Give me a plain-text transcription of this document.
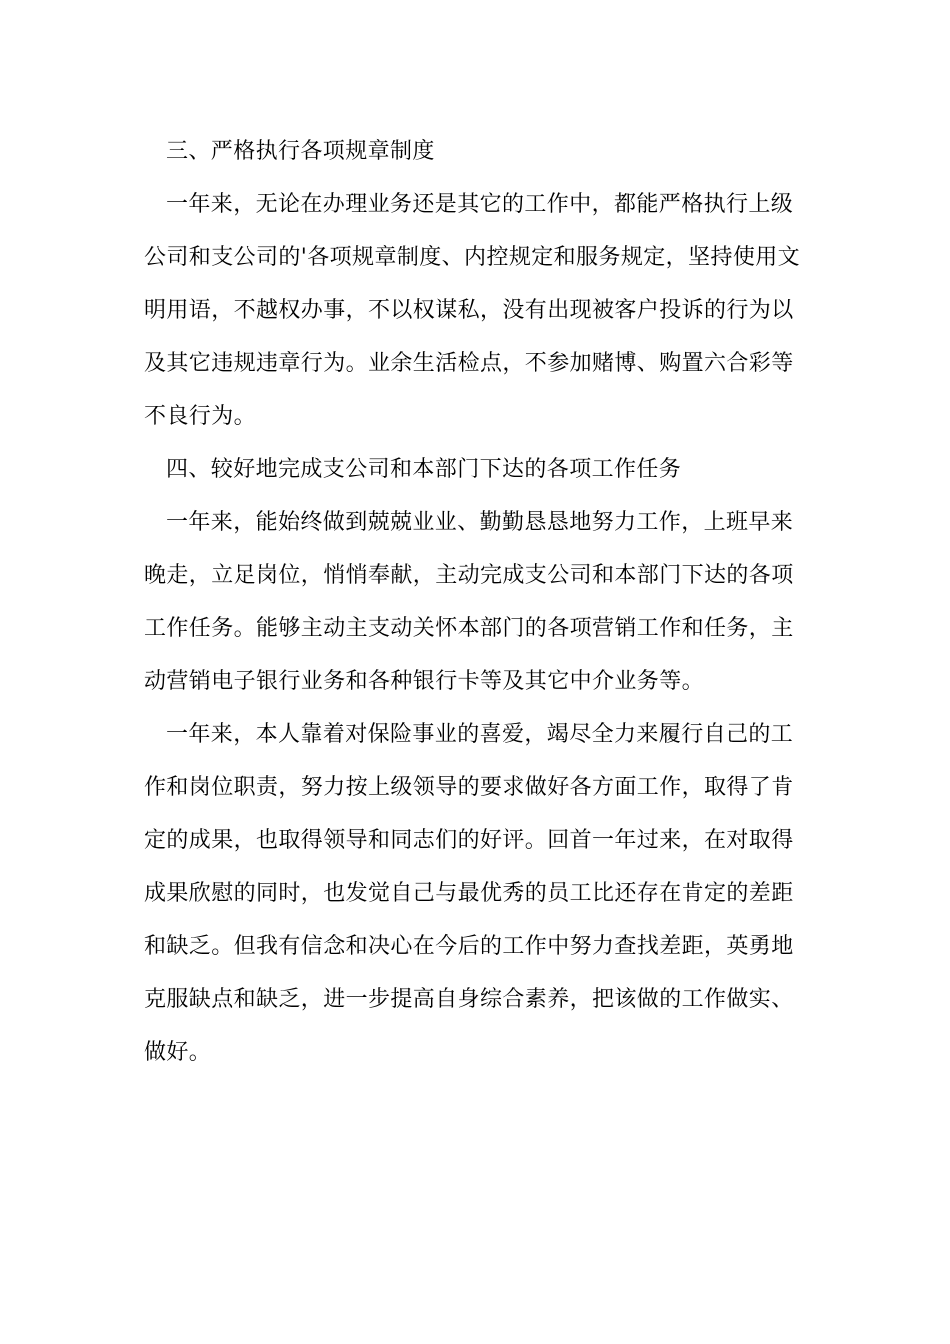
三、严格执行各项规章制度

一年来，无论在办理业务还是其它的工作中，都能严格执行上级公司和支公司的'各项规章制度、内控规定和服务规定，坚持使用文明用语，不越权办事，不以权谋私，没有出现被客户投诉的行为以及其它违规违章行为。业余生活检点，不参加赌博、购置六合彩等不良行为。

四、较好地完成支公司和本部门下达的各项工作任务

一年来，能始终做到兢兢业业、勤勤恳恳地努力工作，上班早来晚走，立足岗位，悄悄奉献，主动完成支公司和本部门下达的各项工作任务。能够主动主支动关怀本部门的各项营销工作和任务，主动营销电子银行业务和各种银行卡等及其它中介业务等。

一年来，本人靠着对保险事业的喜爱，竭尽全力来履行自己的工作和岗位职责，努力按上级领导的要求做好各方面工作，取得了肯定的成果，也取得领导和同志们的好评。回首一年过来，在对取得成果欣慰的同时，也发觉自己与最优秀的员工比还存在肯定的差距和缺乏。但我有信念和决心在今后的工作中努力查找差距，英勇地克服缺点和缺乏，进一步提高自身综合素养，把该做的工作做实、做好。
